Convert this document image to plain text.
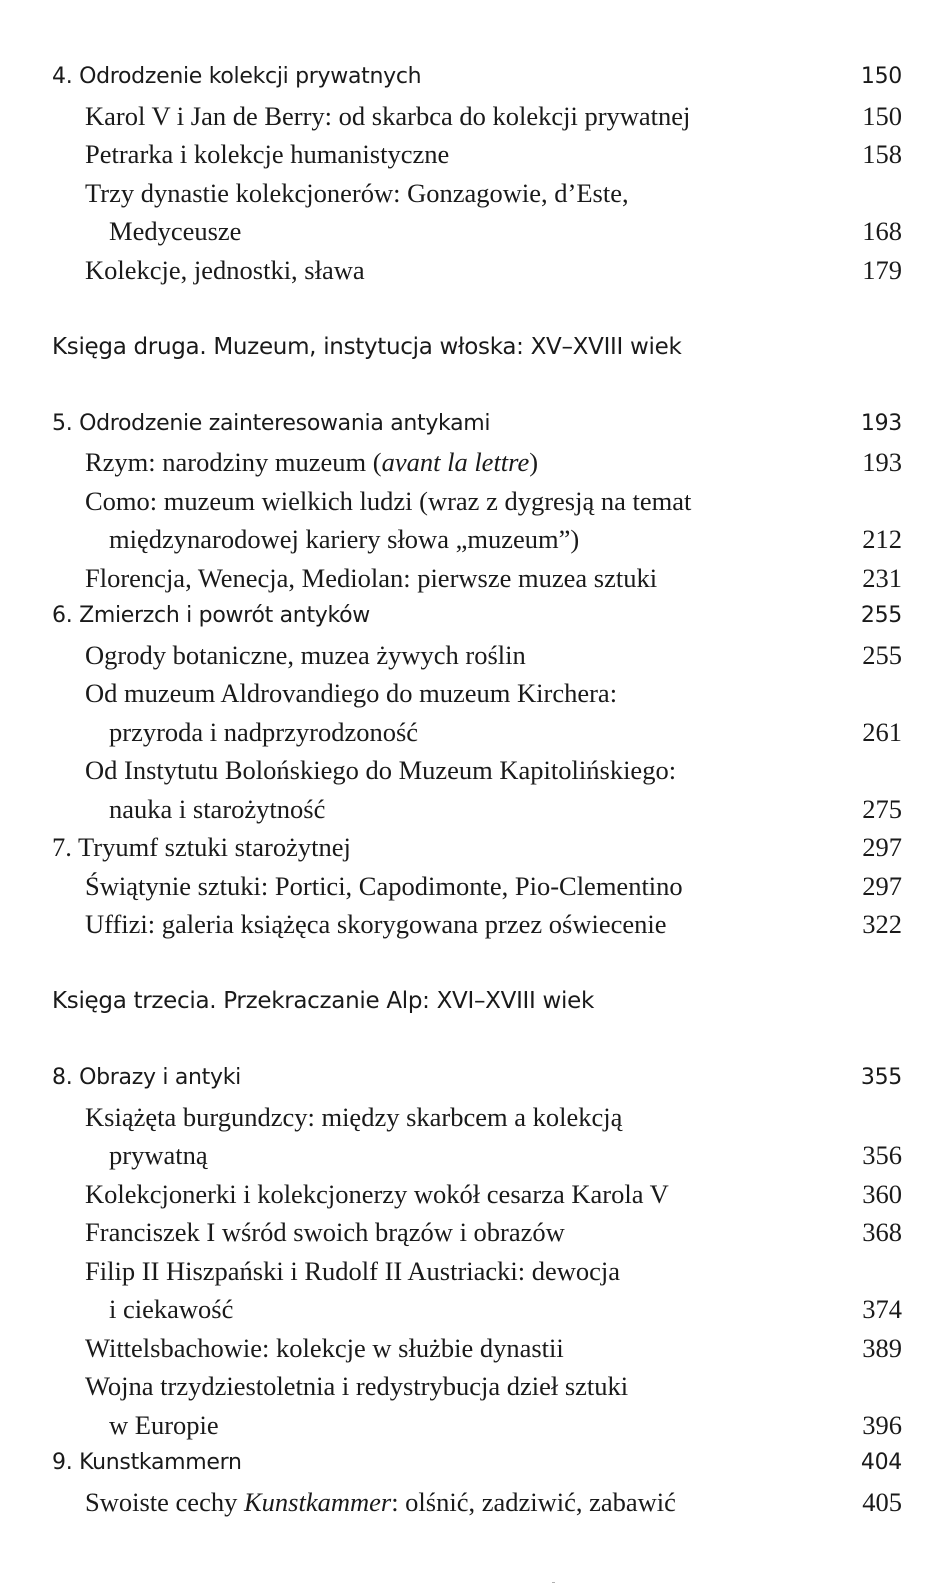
4. Odrodzenie kolekcji prywatnych	150
Karol V i Jan de Berry: od skarbca do kolekcji prywatnej	150
Petrarka i kolekcje humanistyczne	158
Trzy dynastie kolekcjonerów: Gonzagowie, d’Este,
Medyceusze	168
Kolekcje, jednostki, sława	179
Księga druga. Muzeum, instytucja włoska: XV–XVIII wiek
5. Odrodzenie zainteresowania antykami	193
Rzym: narodziny muzeum (avant la lettre)	193
Como: muzeum wielkich ludzi (wraz z dygresją na temat
międzynarodowej kariery słowa „muzeum”)	212
Florencja, Wenecja, Mediolan: pierwsze muzea sztuki	231
6. Zmierzch i powrót antyków	255
Ogrody botaniczne, muzea żywych roślin	255
Od muzeum Aldrovandiego do muzeum Kirchera:
przyroda i nadprzyrodzoność	261
Od Instytutu Bolońskiego do Muzeum Kapitolińskiego:
nauka i starożytność	275
7. Tryumf sztuki starożytnej	297
Świątynie sztuki: Portici, Capodimonte, Pio-Clementino	297
Uffizi: galeria książęca skorygowana przez oświecenie	322
Księga trzecia. Przekraczanie Alp: XVI–XVIII wiek
8. Obrazy i antyki	355
Książęta burgundzcy: między skarbcem a kolekcją
prywatną	356
Kolekcjonerki i kolekcjonerzy wokół cesarza Karola V	360
Franciszek I wśród swoich brązów i obrazów	368
Filip II Hiszpański i Rudolf II Austriacki: dewocja
i ciekawość	374
Wittelsbachowie: kolekcje w służbie dynastii	389
Wojna trzydziestoletnia i redystrybucja dzieł sztuki
w Europie	396
9. Kunstkammern	404
Swoiste cechy Kunstkammer: olśnić, zadziwić, zabawić	405
